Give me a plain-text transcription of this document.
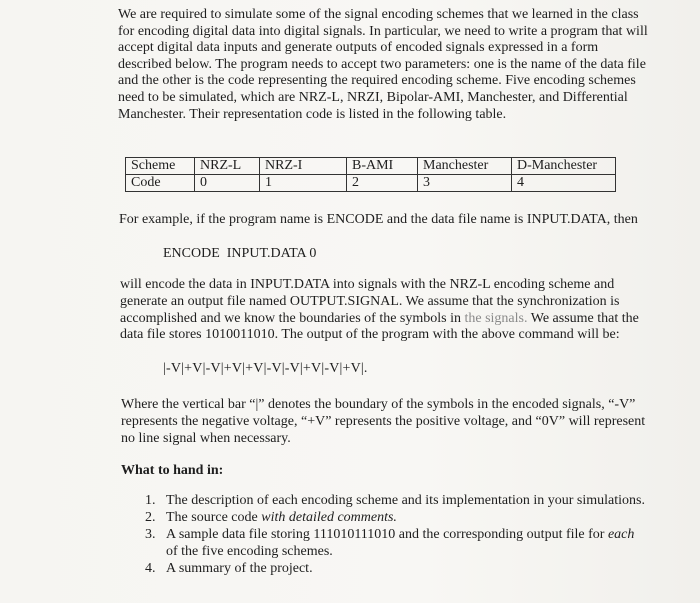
We are required to simulate some of the signal encoding schemes that we learned in the class for encoding digital data into digital signals. In particular, we need to write a program that will accept digital data inputs and generate outputs of encoded signals expressed in a form described below. The program needs to accept two parameters: one is the name of the data file and the other is the code representing the required encoding scheme. Five encoding schemes need to be simulated, which are NRZ-L, NRZI, Bipolar-AMI, Manchester, and Differential Manchester. Their representation code is listed in the following table.
Scheme	NRZ-L	NRZ-I	B-AMI	Manchester	D-Manchester
Code	0	1	2	3	4
For example, if the program name is ENCODE and the data file name is INPUT.DATA, then
ENCODE  INPUT.DATA 0
will encode the data in INPUT.DATA into signals with the NRZ-L encoding scheme and generate an output file named OUTPUT.SIGNAL. We assume that the synchronization is accomplished and we know the boundaries of the symbols in the signals. We assume that the data file stores 1010011010. The output of the program with the above command will be:
|-V|+V|-V|+V|+V|-V|-V|+V|-V|+V|.
Where the vertical bar “|” denotes the boundary of the symbols in the encoded signals, “-V” represents the negative voltage, “+V” represents the positive voltage, and “0V” will represent no line signal when necessary.
What to hand in:
1. The description of each encoding scheme and its implementation in your simulations.
2. The source code with detailed comments.
3. A sample data file storing 111010111010 and the corresponding output file for each of the five encoding schemes.
4. A summary of the project.
